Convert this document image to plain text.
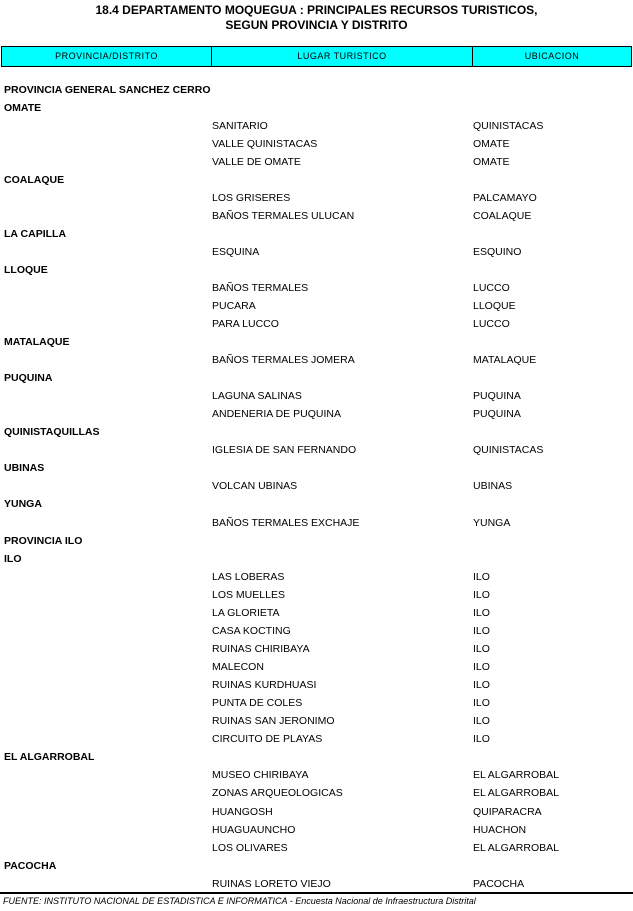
18.4 DEPARTAMENTO MOQUEGUA : PRINCIPALES RECURSOS TURISTICOS,
SEGUN PROVINCIA Y DISTRITO
PROVINCIA/DISTRITO	LUGAR TURISTICO	UBICACION
PROVINCIA GENERAL SANCHEZ CERRO
OMATE
SANITARIO	QUINISTACAS
VALLE QUINISTACAS	OMATE
VALLE DE OMATE	OMATE
COALAQUE
LOS GRISERES	PALCAMAYO
BAÑOS TERMALES ULUCAN	COALAQUE
LA CAPILLA
ESQUINA	ESQUINO
LLOQUE
BAÑOS TERMALES	LUCCO
PUCARA	LLOQUE
PARA LUCCO	LUCCO
MATALAQUE
BAÑOS TERMALES JOMERA	MATALAQUE
PUQUINA
LAGUNA SALINAS	PUQUINA
ANDENERIA DE PUQUINA	PUQUINA
QUINISTAQUILLAS
IGLESIA DE SAN FERNANDO	QUINISTACAS
UBINAS
VOLCAN UBINAS	UBINAS
YUNGA
BAÑOS TERMALES EXCHAJE	YUNGA
PROVINCIA ILO
ILO
LAS LOBERAS	ILO
LOS MUELLES	ILO
LA GLORIETA	ILO
CASA KOCTING	ILO
RUINAS CHIRIBAYA	ILO
MALECON	ILO
RUINAS KURDHUASI	ILO
PUNTA DE COLES	ILO
RUINAS SAN JERONIMO	ILO
CIRCUITO DE PLAYAS	ILO
EL ALGARROBAL
MUSEO CHIRIBAYA	EL ALGARROBAL
ZONAS ARQUEOLOGICAS	EL ALGARROBAL
HUANGOSH	QUIPARACRA
HUAGUAUNCHO	HUACHON
LOS OLIVARES	EL ALGARROBAL
PACOCHA
RUINAS LORETO VIEJO	PACOCHA
FUENTE: INSTITUTO NACIONAL DE ESTADISTICA E INFORMATICA - Encuesta Nacional de Infraestructura Distrital
